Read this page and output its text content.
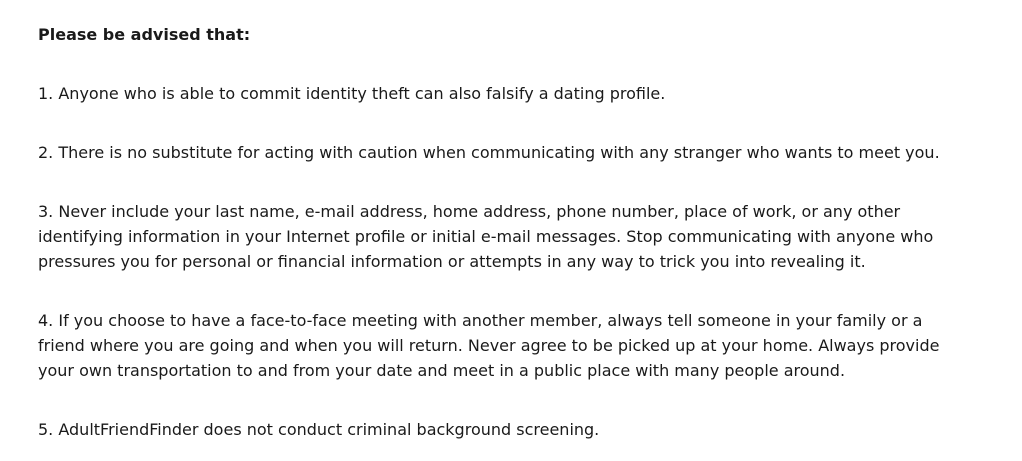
Please be advised that:

1. Anyone who is able to commit identity theft can also falsify a dating profile.
2. There is no substitute for acting with caution when communicating with any stranger who wants to meet you.
3. Never include your last name, e-mail address, home address, phone number, place of work, or any other identifying information in your Internet profile or initial e-mail messages. Stop communicating with anyone who pressures you for personal or financial information or attempts in any way to trick you into revealing it.
4. If you choose to have a face-to-face meeting with another member, always tell someone in your family or a friend where you are going and when you will return. Never agree to be picked up at your home. Always provide your own transportation to and from your date and meet in a public place with many people around.
5. AdultFriendFinder does not conduct criminal background screening.
